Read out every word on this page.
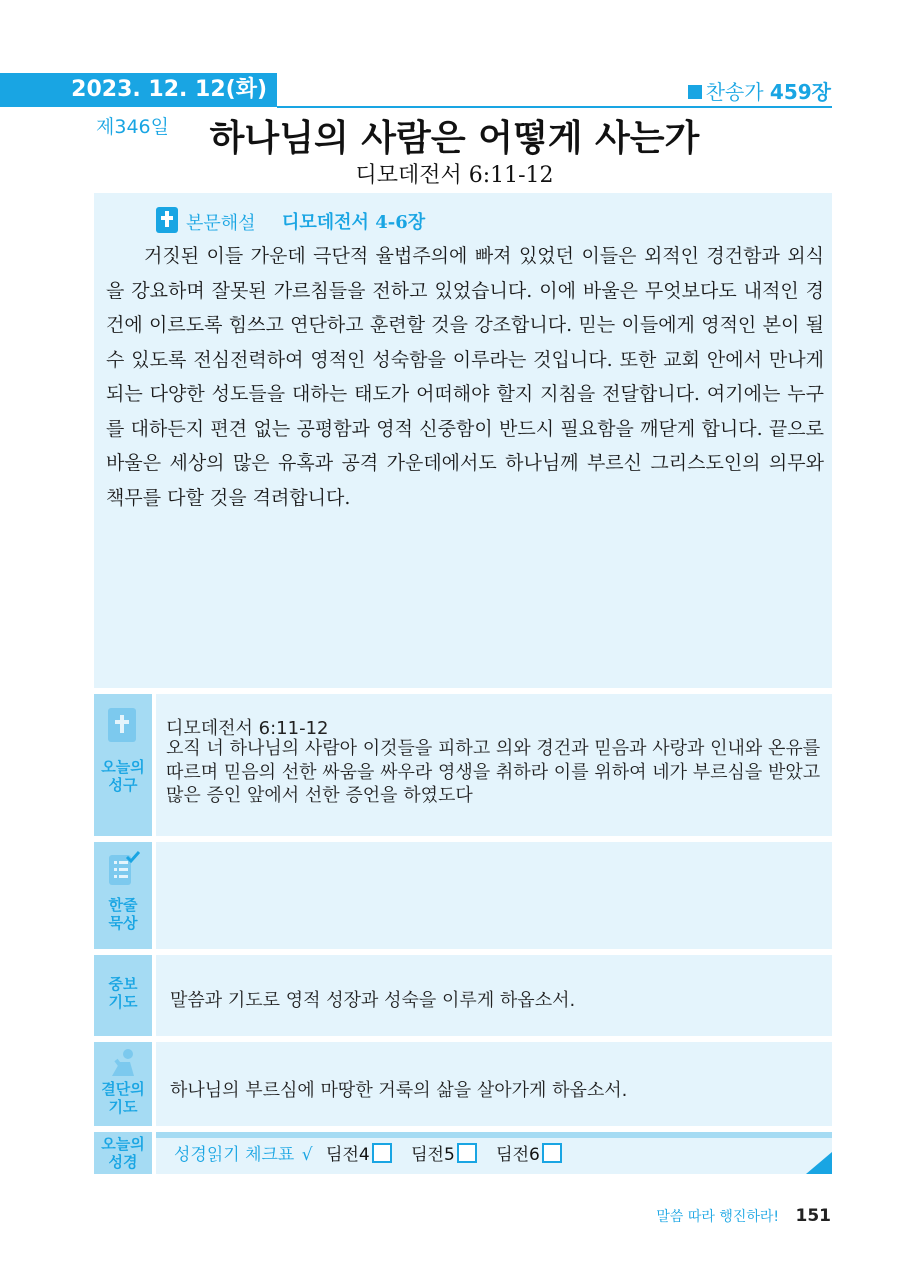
2023. 12. 12(화)	찬송가 459장
제346일	하나님의 사람은 어떻게 사는가
디모데전서 6:11-12
본문해설 디모데전서 4-6장

거짓된 이들 가운데 극단적 율법주의에 빠져 있었던 이들은 외적인 경건함과 외식을 강요하며 잘못된 가르침들을 전하고 있었습니다. 이에 바울은 무엇보다도 내적인 경건에 이르도록 힘쓰고 연단하고 훈련할 것을 강조합니다. 믿는 이들에게 영적인 본이 될 수 있도록 전심전력하여 영적인 성숙함을 이루라는 것입니다. 또한 교회 안에서 만나게 되는 다양한 성도들을 대하는 태도가 어떠해야 할지 지침을 전달합니다. 여기에는 누구를 대하든지 편견 없는 공평함과 영적 신중함이 반드시 필요함을 깨닫게 합니다. 끝으로 바울은 세상의 많은 유혹과 공격 가운데에서도 하나님께 부르신 그리스도인의 의무와 책무를 다할 것을 격려합니다.

오늘의
성구
디모데전서 6:11-12
오직 너 하나님의 사람아 이것들을 피하고 의와 경건과 믿음과 사랑과 인내와 온유를 따르며 믿음의 선한 싸움을 싸우라 영생을 취하라 이를 위하여 네가 부르심을 받았고 많은 증인 앞에서 선한 증언을 하였도다
한줄
묵상
중보
기도	말씀과 기도로 영적 성장과 성숙을 이루게 하옵소서.
결단의
기도
하나님의 부르심에 마땅한 거룩의 삶을 살아가게 하옵소서.
오늘의
성경	성경읽기 체크표 √ 딤전4 딤전5 딤전6
말씀 따라 행진하라! 151
